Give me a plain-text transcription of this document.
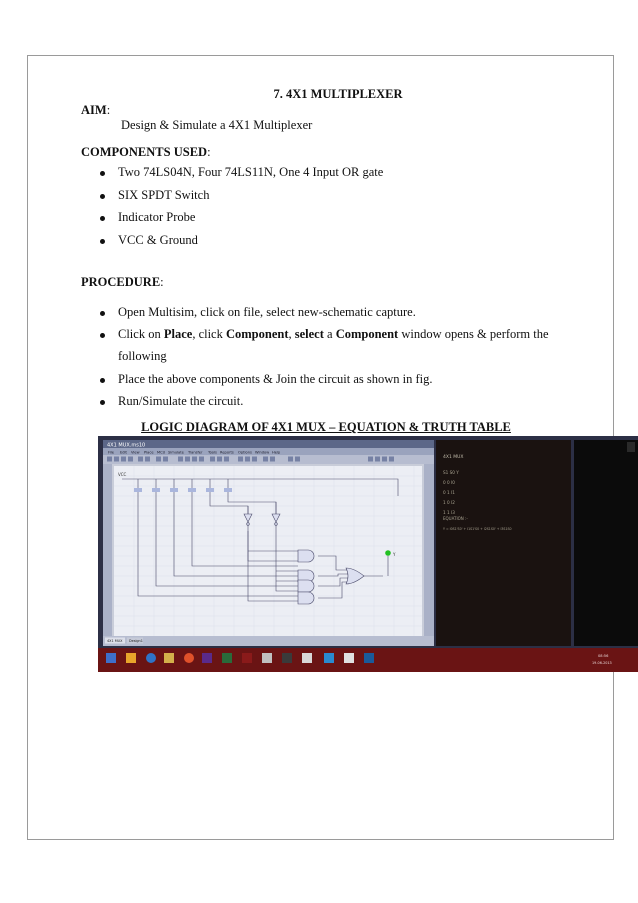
7. 4X1 MULTIPLEXER
AIM:
Design & Simulate a 4X1 Multiplexer
COMPONENTS USED:
Two 74LS04N, Four 74LS11N, One 4 Input OR gate
SIX SPDT Switch
Indicator Probe
VCC & Ground
PROCEDURE:
Open Multisim, click on file, select new-schematic capture.
Click on Place, click Component, select a Component window opens & perform the
following
Place the above components & Join the circuit as shown in fig.
Run/Simulate the circuit.
LOGIC DIAGRAM OF 4X1 MUX – EQUATION & TRUTH TABLE
4X1 MUX.ms10
File Edit View Place MCU Simulate Transfer Tools Reports Options Window Help
VCC
Y
4X1 MUX Design1
4X1 MUX
S1 S0 Y
0 0 I0
0 1 I1
1 0 I2
1 1 I3
EQUATION :-
Y = I0S1'S0' + I1S1'S0 + I2S1S0' + I3S1S0
08:56
19-06-2013
